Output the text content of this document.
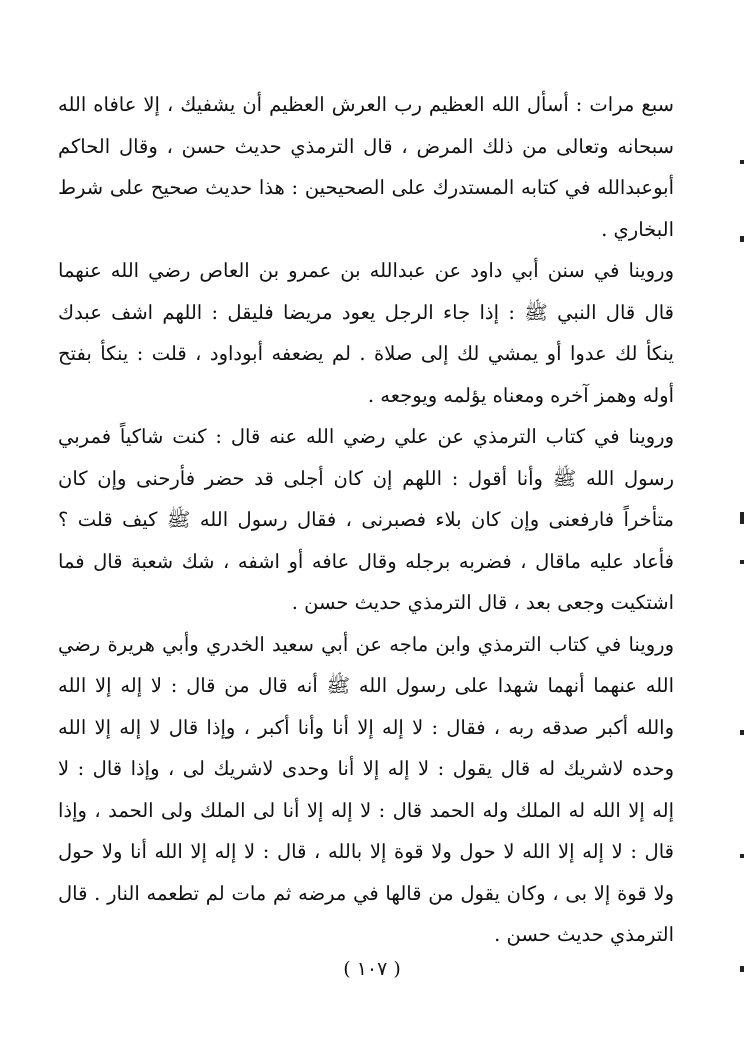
سبع مرات : أسأل الله العظيم رب العرش العظيم أن يشفيك ، إلا عافاه الله
سبحانه وتعالى من ذلك المرض ، قال الترمذي حديث حسن ، وقال الحاكم
أبوعبدالله في كتابه المستدرك على الصحيحين : هذا حديث صحيح على شرط
البخاري .
وروينا في سنن أبي داود عن عبدالله بن عمرو بن العاص رضي الله عنهما
قال قال النبي ﷺ : إذا جاء الرجل يعود مريضا فليقل : اللهم اشف عبدك
ينكأ لك عدوا أو يمشي لك إلى صلاة . لم يضعفه أبوداود ، قلت : ينكأ بفتح
أوله وهمز آخره ومعناه يؤلمه ويوجعه .
وروينا في كتاب الترمذي عن علي رضي الله عنه قال : كنت شاكياً فمربي
رسول الله ﷺ وأنا أقول : اللهم إن كان أجلى قد حضر فأرحنى وإن كان
متأخراً فارفعنى وإن كان بلاء فصبرنى ، فقال رسول الله ﷺ كيف قلت ؟
فأعاد عليه ماقال ، فضربه برجله وقال عافه أو اشفه ، شك شعبة قال فما
اشتكيت وجعى بعد ، قال الترمذي حديث حسن .
وروينا في كتاب الترمذي وابن ماجه عن أبي سعيد الخدري وأبي هريرة رضي
الله عنهما أنهما شهدا على رسول الله ﷺ أنه قال من قال : لا إله إلا الله
والله أكبر صدقه ربه ، فقال : لا إله إلا أنا وأنا أكبر ، وإذا قال لا إله إلا الله
وحده لاشريك له قال يقول : لا إله إلا أنا وحدى لاشريك لى ، وإذا قال : لا
إله إلا الله له الملك وله الحمد قال : لا إله إلا أنا لى الملك ولى الحمد ، وإذا
قال : لا إله إلا الله لا حول ولا قوة إلا بالله ، قال : لا إله إلا الله أنا ولا حول
ولا قوة إلا بى ، وكان يقول من قالها في مرضه ثم مات لم تطعمه النار . قال
الترمذي حديث حسن .
( ١٠٧ )
